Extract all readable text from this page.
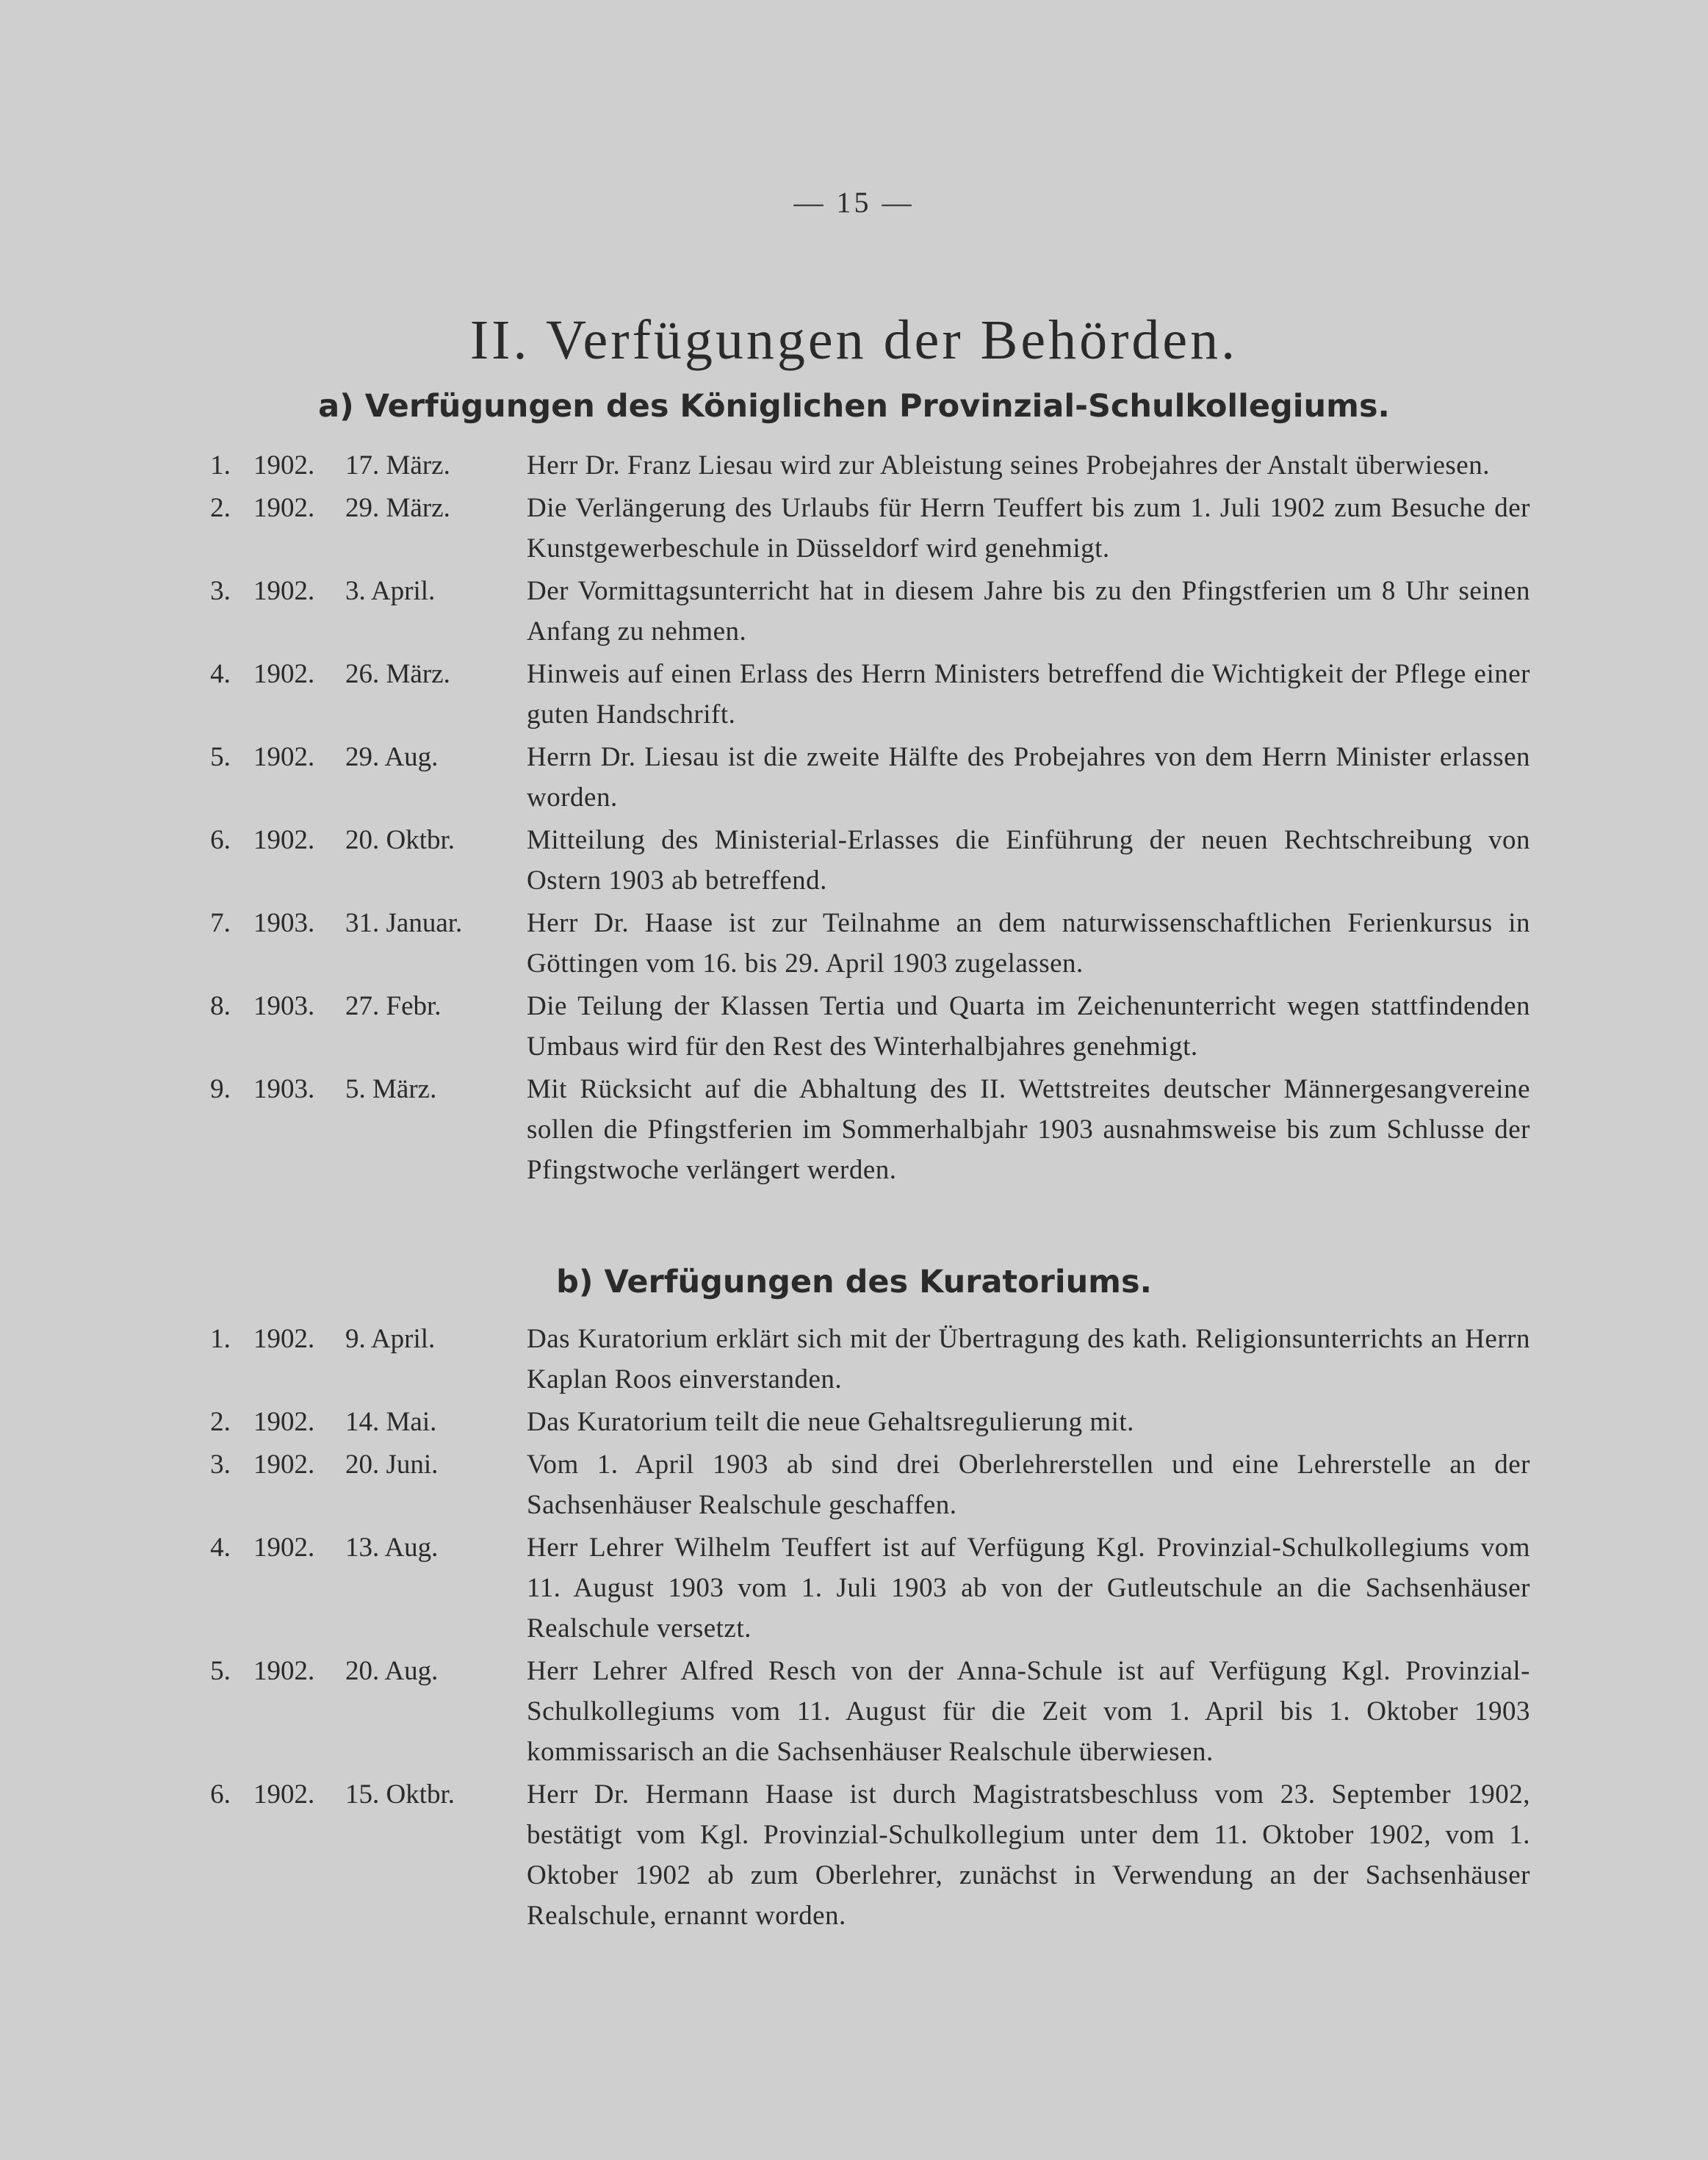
— 15 —
II. Verfügungen der Behörden.
a) Verfügungen des Königlichen Provinzial-Schulkollegiums.
1. 1902.	17. März.	Herr Dr. Franz Liesau wird zur Ableistung seines Probejahres der Anstalt überwiesen.
2. 1902.	29. März.	Die Verlängerung des Urlaubs für Herrn Teuffert bis zum 1. Juli 1902 zum Besuche der Kunstgewerbeschule in Düsseldorf wird genehmigt.
3. 1902.	3. April.	Der Vormittagsunterricht hat in diesem Jahre bis zu den Pfingstferien um 8 Uhr seinen Anfang zu nehmen.
4. 1902.	26. März.	Hinweis auf einen Erlass des Herrn Ministers betreffend die Wichtigkeit der Pflege einer guten Handschrift.
5. 1902.	29. Aug.	Herrn Dr. Liesau ist die zweite Hälfte des Probejahres von dem Herrn Minister erlassen worden.
6. 1902.	20. Oktbr.	Mitteilung des Ministerial-Erlasses die Einführung der neuen Rechtschreibung von Ostern 1903 ab betreffend.
7. 1903.	31. Januar.	Herr Dr. Haase ist zur Teilnahme an dem naturwissenschaftlichen Ferienkursus in Göttingen vom 16. bis 29. April 1903 zugelassen.
8. 1903.	27. Febr.	Die Teilung der Klassen Tertia und Quarta im Zeichenunterricht wegen stattfindenden Umbaus wird für den Rest des Winterhalbjahres genehmigt.
9. 1903.	5. März.	Mit Rücksicht auf die Abhaltung des II. Wettstreites deutscher Männergesangvereine sollen die Pfingstferien im Sommerhalbjahr 1903 ausnahmsweise bis zum Schlusse der Pfingstwoche verlängert werden.
b) Verfügungen des Kuratoriums.
1. 1902.	9. April.	Das Kuratorium erklärt sich mit der Übertragung des kath. Religionsunterrichts an Herrn Kaplan Roos einverstanden.
2. 1902.	14. Mai.	Das Kuratorium teilt die neue Gehaltsregulierung mit.
3. 1902.	20. Juni.	Vom 1. April 1903 ab sind drei Oberlehrerstellen und eine Lehrerstelle an der Sachsenhäuser Realschule geschaffen.
4. 1902.	13. Aug.	Herr Lehrer Wilhelm Teuffert ist auf Verfügung Kgl. Provinzial-Schulkollegiums vom 11. August 1903 vom 1. Juli 1903 ab von der Gutleutschule an die Sachsenhäuser Realschule versetzt.
5. 1902.	20. Aug.	Herr Lehrer Alfred Resch von der Anna-Schule ist auf Verfügung Kgl. Provinzial-Schulkollegiums vom 11. August für die Zeit vom 1. April bis 1. Oktober 1903 kommissarisch an die Sachsenhäuser Realschule überwiesen.
6. 1902.	15. Oktbr.	Herr Dr. Hermann Haase ist durch Magistratsbeschluss vom 23. September 1902, bestätigt vom Kgl. Provinzial-Schulkollegium unter dem 11. Oktober 1902, vom 1. Oktober 1902 ab zum Oberlehrer, zunächst in Verwendung an der Sachsenhäuser Realschule, ernannt worden.
